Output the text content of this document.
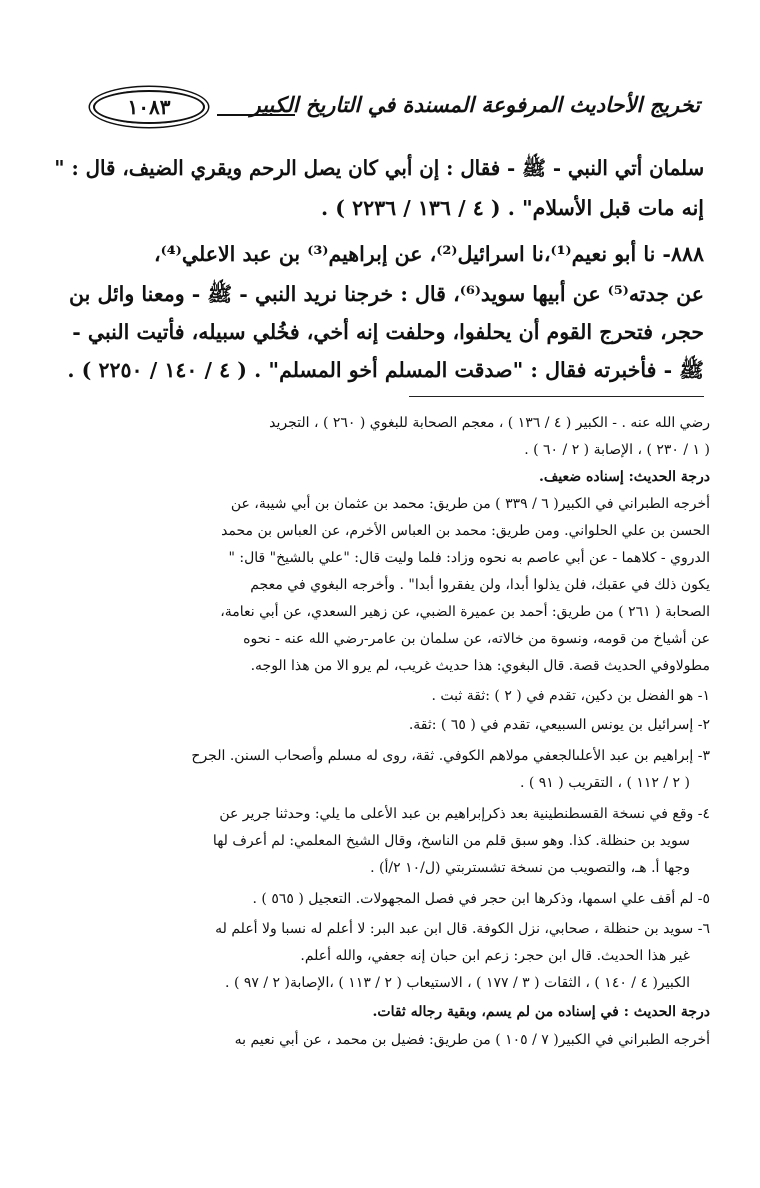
تخريج الأحاديث المرفوعة المسندة في التاريخ الكبير
١٠٨٣
سلمان أتي النبي - ﷺ - فقال : إن أبي كان يصل الرحم ويقري الضيف، قال : "
إنه مات قبل الأسلام" . ( ٤ / ١٣٦ / ٢٢٣٦ ) .
٨٨٨- نا أبو نعيم⁽¹⁾،نا اسرائيل⁽²⁾، عن إبراهيم⁽³⁾ بن عبد الاعلي⁽⁴⁾،
عن جدته⁽⁵⁾ عن أبيها سويد⁽⁶⁾، قال : خرجنا نريد النبي - ﷺ - ومعنا وائل بن
حجر، فتحرج القوم أن يحلفوا، وحلفت إنه أخي، فخُلي سبيله، فأتيت النبي -
ﷺ - فأخبرته فقال : "صدقت المسلم أخو المسلم" . ( ٤ / ١٤٠ / ٢٢٥٠ ) .
رضي الله عنه . - الكبير ( ٤ / ١٣٦ ) ، معجم الصحابة للبغوي ( ٢٦٠ ) ، التجريد
( ١ / ٢٣٠ ) ، الإصابة ( ٢ / ٦٠ ) .
درجة الحديث: إسناده ضعيف.
أخرجه الطبراني في الكبير( ٦ / ٣٣٩ ) من طريق: محمد بن عثمان بن أبي شيبة، عن
الحسن بن علي الحلواني. ومن طريق: محمد بن العباس الأخرم، عن العباس بن محمد
الدروي - كلاهما - عن أبي عاصم به نحوه وزاد: فلما وليت قال: "علي بالشيخ" قال: "
يكون ذلك في عقبك، فلن يذلوا أبدا، ولن يفقروا أبدا" . وأخرجه البغوي في معجم
الصحابة ( ٢٦١ ) من طريق: أحمد بن عميرة الضبي، عن زهير السعدي، عن أبي نعامة،
عن أشياخ من قومه، ونسوة من خالاته، عن سلمان بن عامر-رضي الله عنه - نحوه
مطولاوفي الحديث قصة. قال البغوي: هذا حديث غريب، لم يرو الا من هذا الوجه.
١- هو الفضل بن دكين، تقدم في ( ٢ ) :ثقة ثبت .
٢- إسرائيل بن يونس السبيعي، تقدم في ( ٦٥ ) :ثقة.
٣- إبراهيم بن عبد الأعلىالجعفي مولاهم الكوفي. ثقة، روى له مسلم وأصحاب السنن. الجرح
( ٢ / ١١٢ ) ، التقريب ( ٩١ ) .
٤- وقع في نسخة القسطنطينية بعد ذكرإبراهيم بن عبد الأعلى ما يلي: وحدثنا جرير عن
سويد بن حنظلة. كذا. وهو سبق قلم من الناسخ، وقال الشيخ المعلمي: لم أعرف لها
وجها أ. هـ، والتصويب من نسخة تشستربتي (ل/١٠ ٢/أ) .
٥- لم أقف علي اسمها، وذكرها ابن حجر في فصل المجهولات. التعجيل ( ٥٦٥ ) .
٦- سويد بن حنظلة ، صحابي، نزل الكوفة. قال ابن عبد البر: لا أعلم له نسبا ولا أعلم له
غير هذا الحديث. قال ابن حجر: زعم ابن حبان إنه جعفي، والله أعلم.
الكبير( ٤ / ١٤٠ ) ، الثقات ( ٣ / ١٧٧ ) ، الاستيعاب ( ٢ / ١١٣ ) ،الإصابة( ٢ / ٩٧ ) .
درجة الحديث : في إسناده من لم يسم، وبقية رجاله ثقات.
أخرجه الطبراني في الكبير( ٧ / ١٠٥ ) من طريق: فضيل بن محمد ، عن أبي نعيم به
